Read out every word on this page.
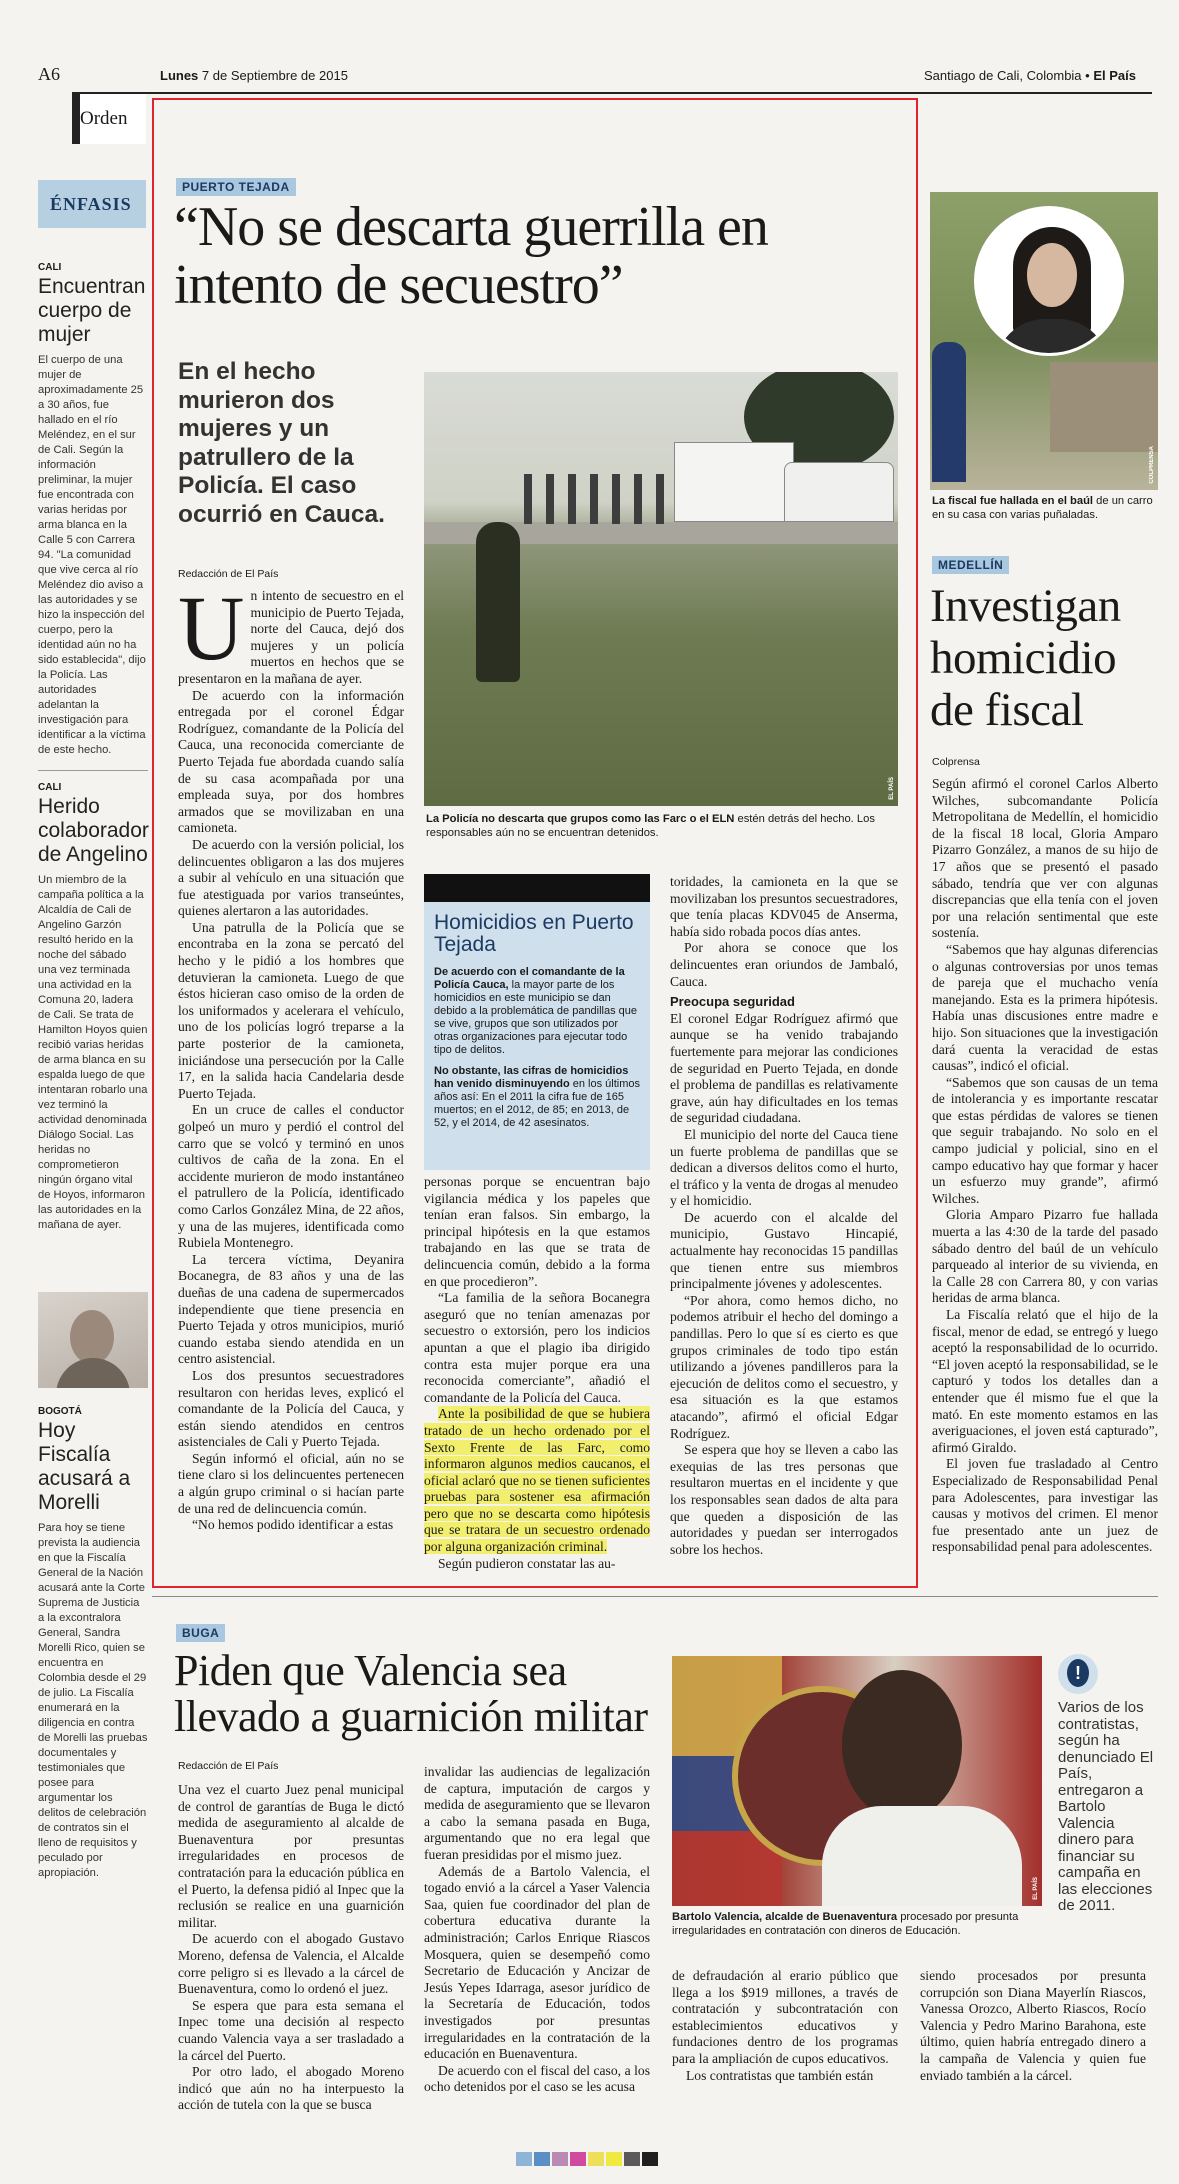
A6	Lunes 7 de Septiembre de 2015	Santiago de Cali, Colombia • El País
Orden
ÉNFASIS
CALI
Encuentran cuerpo de mujer
El cuerpo de una mujer de aproximadamente 25 a 30 años, fue hallado en el río Meléndez, en el sur de Cali. Según la información preliminar, la mujer fue encontrada con varias heridas por arma blanca en la Calle 5 con Carrera 94. "La comunidad que vive cerca al río Meléndez dio aviso a las autoridades y se hizo la inspección del cuerpo, pero la identidad aún no ha sido establecida", dijo la Policía. Las autoridades adelantan la investigación para identificar a la víctima de este hecho.
CALI
Herido colaborador de Angelino
Un miembro de la campaña política a la Alcaldía de Cali de Angelino Garzón resultó herido en la noche del sábado una vez terminada una actividad en la Comuna 20, ladera de Cali. Se trata de Hamilton Hoyos quien recibió varias heridas de arma blanca en su espalda luego de que intentaran robarlo una vez terminó la actividad denominada Diálogo Social. Las heridas no comprometieron ningún órgano vital de Hoyos, informaron las autoridades en la mañana de ayer.
BOGOTÁ
Hoy Fiscalía acusará a Morelli
Para hoy se tiene prevista la audiencia en que la Fiscalía General de la Nación acusará ante la Corte Suprema de Justicia a la excontralora General, Sandra Morelli Rico, quien se encuentra en Colombia desde el 29 de julio. La Fiscalía enumerará en la diligencia en contra de Morelli las pruebas documentales y testimoniales que posee para argumentar los delitos de celebración de contratos sin el lleno de requisitos y peculado por apropiación.
PUERTO TEJADA
“No se descarta guerrilla en intento de secuestro”
En el hecho murieron dos mujeres y un patrullero de la Policía. El caso ocurrió en Cauca.
Redacción de El País
EL PAÍS
La Policía no descarta que grupos como las Farc o el ELN estén detrás del hecho. Los responsables aún no se encuentran detenidos.
U n intento de secuestro en el municipio de Puerto Tejada, norte del Cauca, dejó dos mujeres y un policía muertos en hechos que se presentaron en la mañana de ayer.

De acuerdo con la información entregada por el coronel Édgar Rodríguez, comandante de la Policía del Cauca, una reconocida comerciante de Puerto Tejada fue abordada cuando salía de su casa acompañada por una empleada suya, por dos hombres armados que se movilizaban en una camioneta.

De acuerdo con la versión policial, los delincuentes obligaron a las dos mujeres a subir al vehículo en una situación que fue atestiguada por varios transeúntes, quienes alertaron a las autoridades.

Una patrulla de la Policía que se encontraba en la zona se percató del hecho y le pidió a los hombres que detuvieran la camioneta. Luego de que éstos hicieran caso omiso de la orden de los uniformados y acelerara el vehículo, uno de los policías logró treparse a la parte posterior de la camioneta, iniciándose una persecución por la Calle 17, en la salida hacia Candelaria desde Puerto Tejada.

En un cruce de calles el conductor golpeó un muro y perdió el control del carro que se volcó y terminó en unos cultivos de caña de la zona. En el accidente murieron de modo instantáneo el patrullero de la Policía, identificado como Carlos González Mina, de 22 años, y una de las mujeres, identificada como Rubiela Montenegro.

La tercera víctima, Deyanira Bocanegra, de 83 años y una de las dueñas de una cadena de supermercados independiente que tiene presencia en Puerto Tejada y otros municipios, murió cuando estaba siendo atendida en un centro asistencial.

Los dos presuntos secuestradores resultaron con heridas leves, explicó el comandante de la Policía del Cauca, y están siendo atendidos en centros asistenciales de Cali y Puerto Tejada.

Según informó el oficial, aún no se tiene claro si los delincuentes pertenecen a algún grupo criminal o si hacían parte de una red de delincuencia común.

“No hemos podido identificar a estas

Homicidios en Puerto Tejada
De acuerdo con el comandante de la Policía Cauca, la mayor parte de los homicidios en este municipio se dan debido a la problemática de pandillas que se vive, grupos que son utilizados por otras organizaciones para ejecutar todo tipo de delitos.
No obstante, las cifras de homicidios han venido disminuyendo en los últimos años así: En el 2011 la cifra fue de 165 muertos; en el 2012, de 85; en 2013, de 52, y el 2014, de 42 asesinatos.

personas porque se encuentran bajo vigilancia médica y los papeles que tenían eran falsos. Sin embargo, la principal hipótesis en la que estamos trabajando en las que se trata de delincuencia común, debido a la forma en que procedieron”.

“La familia de la señora Bocanegra aseguró que no tenían amenazas por secuestro o extorsión, pero los indicios apuntan a que el plagio iba dirigido contra esta mujer porque era una reconocida comerciante”, añadió el comandante de la Policía del Cauca.

Ante la posibilidad de que se hubiera tratado de un hecho ordenado por el Sexto Frente de las Farc, como informaron algunos medios caucanos, el oficial aclaró que no se tienen suficientes pruebas para sostener esa afirmación pero que no se descarta como hipótesis que se tratara de un secuestro ordenado por alguna organización criminal.

Según pudieron constatar las au-

toridades, la camioneta en la que se movilizaban los presuntos secuestradores, que tenía placas KDV045 de Anserma, había sido robada pocos días antes.

Por ahora se conoce que los delincuentes eran oriundos de Jambaló, Cauca.

Preocupa seguridad

El coronel Edgar Rodríguez afirmó que aunque se ha venido trabajando fuertemente para mejorar las condiciones de seguridad en Puerto Tejada, en donde el problema de pandillas es relativamente grave, aún hay dificultades en los temas de seguridad ciudadana.

El municipio del norte del Cauca tiene un fuerte problema de pandillas que se dedican a diversos delitos como el hurto, el tráfico y la venta de drogas al menudeo y el homicidio.

De acuerdo con el alcalde del municipio, Gustavo Hincapié, actualmente hay reconocidas 15 pandillas que tienen entre sus miembros principalmente jóvenes y adolescentes.

“Por ahora, como hemos dicho, no podemos atribuir el hecho del domingo a pandillas. Pero lo que sí es cierto es que grupos criminales de todo tipo están utilizando a jóvenes pandilleros para la ejecución de delitos como el secuestro, y esa situación es la que estamos atacando”, afirmó el oficial Edgar Rodríguez.

Se espera que hoy se lleven a cabo las exequias de las tres personas que resultaron muertas en el incidente y que los responsables sean dados de alta para que queden a disposición de las autoridades y puedan ser interrogados sobre los hechos.

COLPRENSA
La fiscal fue hallada en el baúl de un carro en su casa con varias puñaladas.
MEDELLÍN
Investigan homicidio de fiscal
Colprensa

Según afirmó el coronel Carlos Alberto Wilches, subcomandante Policía Metropolitana de Medellín, el homicidio de la fiscal 18 local, Gloria Amparo Pizarro González, a manos de su hijo de 17 años que se presentó el pasado sábado, tendría que ver con algunas discrepancias que ella tenía con el joven por una relación sentimental que este sostenía.

“Sabemos que hay algunas diferencias o algunas controversias por unos temas de pareja que el muchacho venía manejando. Esta es la primera hipótesis. Había unas discusiones entre madre e hijo. Son situaciones que la investigación dará cuenta la veracidad de estas causas”, indicó el oficial.

“Sabemos que son causas de un tema de intolerancia y es importante rescatar que estas pérdidas de valores se tienen que seguir trabajando. No solo en el campo judicial y policial, sino en el campo educativo hay que formar y hacer un esfuerzo muy grande”, afirmó Wilches.

Gloria Amparo Pizarro fue hallada muerta a las 4:30 de la tarde del pasado sábado dentro del baúl de un vehículo parqueado al interior de su vivienda, en la Calle 28 con Carrera 80, y con varias heridas de arma blanca.

La Fiscalía relató que el hijo de la fiscal, menor de edad, se entregó y luego aceptó la responsabilidad de lo ocurrido. “El joven aceptó la responsabilidad, se le capturó y todos los detalles dan a entender que él mismo fue el que la mató. En este momento estamos en las averiguaciones, el joven está capturado”, afirmó Giraldo.

El joven fue trasladado al Centro Especializado de Responsabilidad Penal para Adolescentes, para investigar las causas y motivos del crimen. El menor fue presentado ante un juez de responsabilidad penal para adolescentes.

BUGA
Piden que Valencia sea llevado a guarnición militar
Redacción de El País

Una vez el cuarto Juez penal municipal de control de garantías de Buga le dictó medida de aseguramiento al alcalde de Buenaventura por presuntas irregularidades en procesos de contratación para la educación pública en el Puerto, la defensa pidió al Inpec que la reclusión se realice en una guarnición militar.

De acuerdo con el abogado Gustavo Moreno, defensa de Valencia, el Alcalde corre peligro si es llevado a la cárcel de Buenaventura, como lo ordenó el juez.

Se espera que para esta semana el Inpec tome una decisión al respecto cuando Valencia vaya a ser trasladado a la cárcel del Puerto.

Por otro lado, el abogado Moreno indicó que aún no ha interpuesto la acción de tutela con la que se busca

invalidar las audiencias de legalización de captura, imputación de cargos y medida de aseguramiento que se llevaron a cabo la semana pasada en Buga, argumentando que no era legal que fueran presididas por el mismo juez.

Además de a Bartolo Valencia, el togado envió a la cárcel a Yaser Valencia Saa, quien fue coordinador del plan de cobertura educativa durante la administración; Carlos Enrique Riascos Mosquera, quien se desempeñó como Secretario de Educación y Ancizar de Jesús Yepes Idarraga, asesor jurídico de la Secretaría de Educación, todos investigados por presuntas irregularidades en la contratación de la educación en Buenaventura.

De acuerdo con el fiscal del caso, a los ocho detenidos por el caso se les acusa

EL PAÍS
Bartolo Valencia, alcalde de Buenaventura procesado por presunta irregularidades en contratación con dineros de Educación.
!
Varios de los contratistas, según ha denunciado El País, entregaron a Bartolo Valencia dinero para financiar su campaña en las elecciones de 2011.

de defraudación al erario público que llega a los $919 millones, a través de contratación y subcontratación con establecimientos educativos y fundaciones dentro de los programas para la ampliación de cupos educativos.

Los contratistas que también están

siendo procesados por presunta corrupción son Diana Mayerlín Riascos, Vanessa Orozco, Alberto Riascos, Rocío Valencia y Pedro Marino Barahona, este último, quien habría entregado dinero a la campaña de Valencia y quien fue enviado también a la cárcel.
